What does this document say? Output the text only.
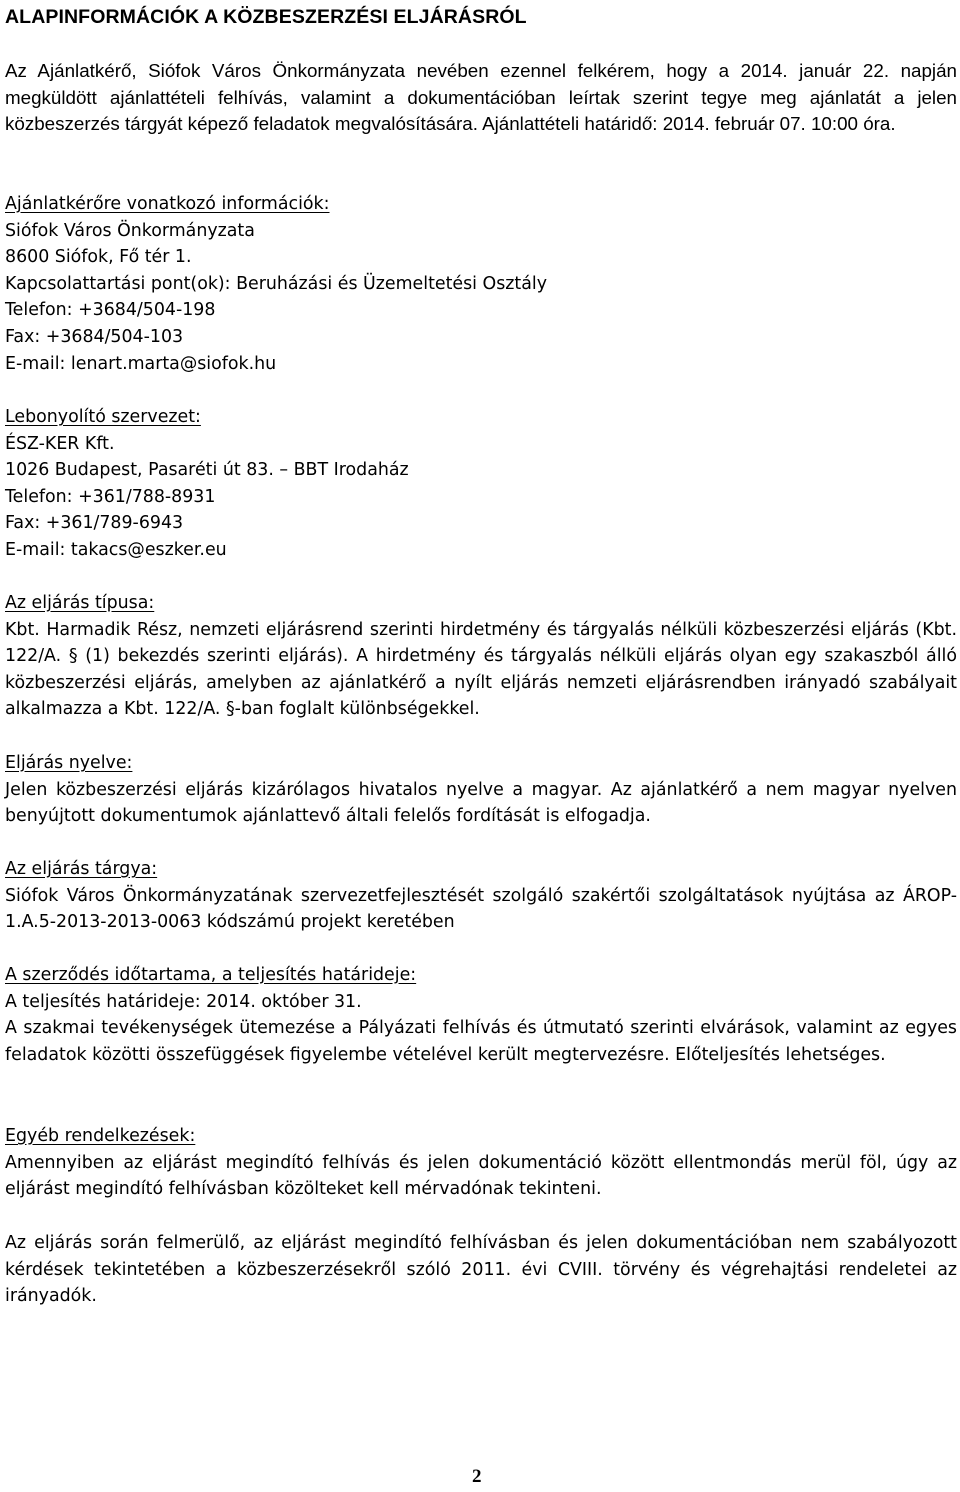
ALAPINFORMÁCIÓK A KÖZBESZERZÉSI ELJÁRÁSRÓL
Az Ajánlatkérő, Siófok Város Önkormányzata nevében ezennel felkérem, hogy a 2014. január 22. napján megküldött ajánlattételi felhívás, valamint a dokumentációban leírtak szerint tegye meg ajánlatát a jelen közbeszerzés tárgyát képező feladatok megvalósítására. Ajánlattételi határidő: 2014. február 07. 10:00 óra.
Ajánlatkérőre vonatkozó információk:
Siófok Város Önkormányzata
8600 Siófok, Fő tér 1.
Kapcsolattartási pont(ok): Beruházási és Üzemeltetési Osztály
Telefon: +3684/504-198
Fax: +3684/504-103
E-mail: lenart.marta@siofok.hu
Lebonyolító szervezet:
ÉSZ-KER Kft.
1026 Budapest, Pasaréti út 83. – BBT Irodaház
Telefon: +361/788-8931
Fax: +361/789-6943
E-mail: takacs@eszker.eu
Az eljárás típusa:
Kbt. Harmadik Rész, nemzeti eljárásrend szerinti hirdetmény és tárgyalás nélküli közbeszerzési eljárás (Kbt. 122/A. § (1) bekezdés szerinti eljárás). A hirdetmény és tárgyalás nélküli eljárás olyan egy szakaszból álló közbeszerzési eljárás, amelyben az ajánlatkérő a nyílt eljárás nemzeti eljárásrendben irányadó szabályait alkalmazza a Kbt. 122/A. §-ban foglalt különbségekkel.
Eljárás nyelve:
Jelen közbeszerzési eljárás kizárólagos hivatalos nyelve a magyar. Az ajánlatkérő a nem magyar nyelven benyújtott dokumentumok ajánlattevő általi felelős fordítását is elfogadja.
Az eljárás tárgya:
Siófok Város Önkormányzatának szervezetfejlesztését szolgáló szakértői szolgáltatások nyújtása az ÁROP-1.A.5-2013-2013-0063 kódszámú projekt keretében
A szerződés időtartama, a teljesítés határideje:
A teljesítés határideje: 2014. október 31.
A szakmai tevékenységek ütemezése a Pályázati felhívás és útmutató szerinti elvárások, valamint az egyes feladatok közötti összefüggések figyelembe vételével került megtervezésre. Előteljesítés lehetséges.
Egyéb rendelkezések:
Amennyiben az eljárást megindító felhívás és jelen dokumentáció között ellentmondás merül föl, úgy az eljárást megindító felhívásban közölteket kell mérvadónak tekinteni.
Az eljárás során felmerülő, az eljárást megindító felhívásban és jelen dokumentációban nem szabályozott kérdések tekintetében a közbeszerzésekről szóló 2011. évi CVIII. törvény és végrehajtási rendeletei az irányadók.
2
